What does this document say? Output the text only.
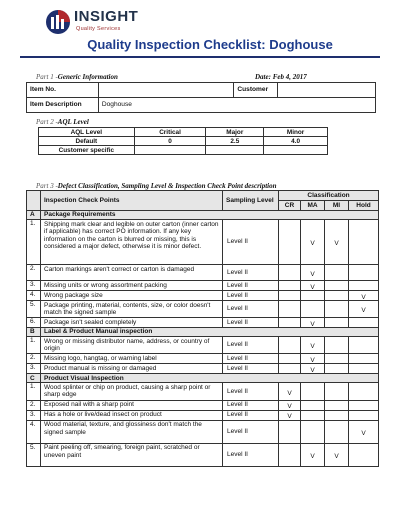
INSIGHT
Quality Services
Quality Inspection Checklist: Doghouse
Part 1 -Generic Information	Date: Feb 4, 2017
Item No.		Customer	
Item Description	Doghouse		
Part 2 -AQL Level
AQL Level	Critical	Major	Minor
Default	0	2.5	4.0
Customer specific			
Part 3 -Defect Classification, Sampling Level & Inspection Check Point description
	Inspection Check Points	Sampling Level	Classification			
			CR	MA	MI	Hold
A	Package Requirements					
1.	Shipping mark clear and legible on outer carton (inner carton if applicable) has correct PO information. If any key information on the carton is blurred or missing, this is considered a major defect, otherwise it is minor defect.	Level II		V	V	
2.	Carton markings aren't correct or carton is damaged	Level II		V		
3.	Missing units or wrong assortment packing	Level II		V		
4.	Wrong package size	Level II				V
5.	Package printing, material, contents, size, or color doesn't match the signed sample	Level II				V
6.	Package isn't sealed completely	Level II		V		
B	Label & Product Manual inspection					
1.	Wrong or missing distributor name, address, or country of origin	Level II		V		
2.	Missing logo, hangtag, or warning label	Level II		V		
3.	Product manual is missing or damaged	Level II		V		
C	Product Visual Inspection					
1.	Wood splinter or chip on product, causing a sharp point or sharp edge	Level II	V			
2.	Exposed nail with a sharp point	Level II	V			
3.	Has a hole or live/dead insect on product	Level II	V			
4.	Wood material, texture, and glossiness don't match the signed sample	Level II				V
5.	Paint peeling off, smearing, foreign paint, scratched or uneven paint	Level II		V	V	
